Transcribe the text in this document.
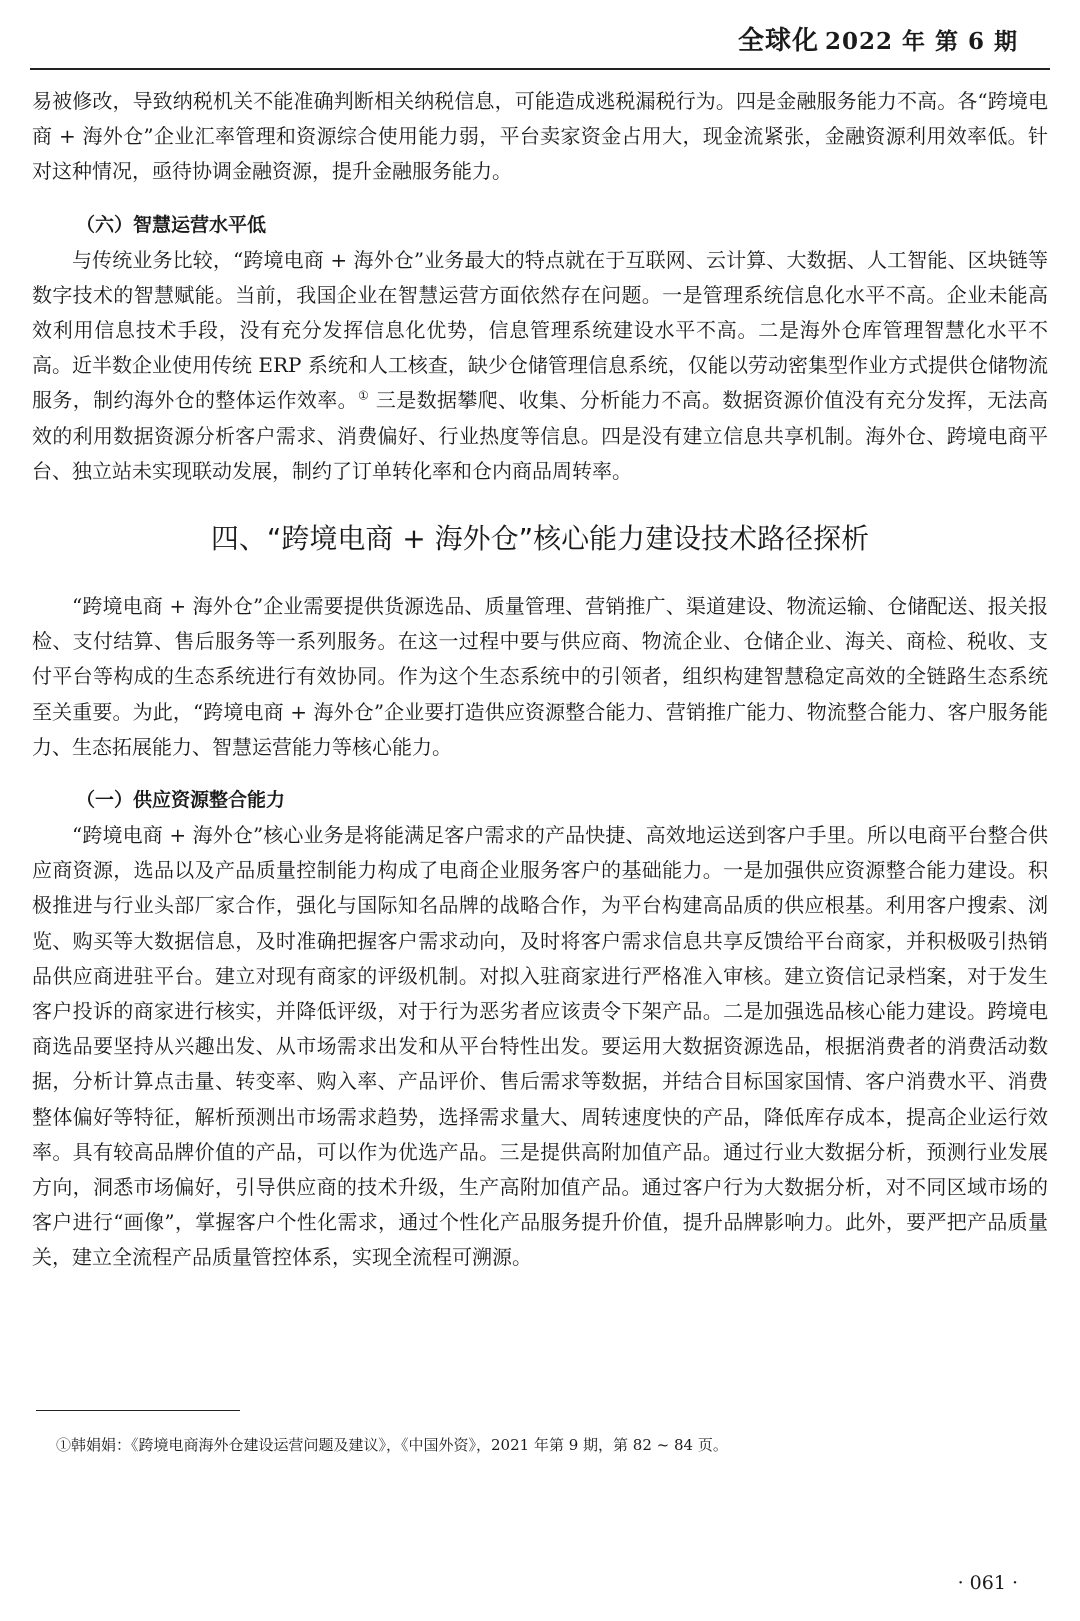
全球化 2022 年 第 6 期

易被修改，导致纳税机关不能准确判断相关纳税信息，可能造成逃税漏税行为。四是金融服务能力不高。各“跨境电商 + 海外仓”企业汇率管理和资源综合使用能力弱，平台卖家资金占用大，现金流紧张，金融资源利用效率低。针对这种情况，亟待协调金融资源，提升金融服务能力。

（六）智慧运营水平低

与传统业务比较，“跨境电商 + 海外仓”业务最大的特点就在于互联网、云计算、大数据、人工智能、区块链等数字技术的智慧赋能。当前，我国企业在智慧运营方面依然存在问题。一是管理系统信息化水平不高。企业未能高效利用信息技术手段，没有充分发挥信息化优势，信息管理系统建设水平不高。二是海外仓库管理智慧化水平不高。近半数企业使用传统 ERP 系统和人工核查，缺少仓储管理信息系统，仅能以劳动密集型作业方式提供仓储物流服务，制约海外仓的整体运作效率。① 三是数据攀爬、收集、分析能力不高。数据资源价值没有充分发挥，无法高效的利用数据资源分析客户需求、消费偏好、行业热度等信息。四是没有建立信息共享机制。海外仓、跨境电商平台、独立站未实现联动发展，制约了订单转化率和仓内商品周转率。

四、“跨境电商 + 海外仓”核心能力建设技术路径探析

“跨境电商 + 海外仓”企业需要提供货源选品、质量管理、营销推广、渠道建设、物流运输、仓储配送、报关报检、支付结算、售后服务等一系列服务。在这一过程中要与供应商、物流企业、仓储企业、海关、商检、税收、支付平台等构成的生态系统进行有效协同。作为这个生态系统中的引领者，组织构建智慧稳定高效的全链路生态系统至关重要。为此，“跨境电商 + 海外仓”企业要打造供应资源整合能力、营销推广能力、物流整合能力、客户服务能力、生态拓展能力、智慧运营能力等核心能力。

（一）供应资源整合能力

“跨境电商 + 海外仓”核心业务是将能满足客户需求的产品快捷、高效地运送到客户手里。所以电商平台整合供应商资源，选品以及产品质量控制能力构成了电商企业服务客户的基础能力。一是加强供应资源整合能力建设。积极推进与行业头部厂家合作，强化与国际知名品牌的战略合作，为平台构建高品质的供应根基。利用客户搜索、浏览、购买等大数据信息，及时准确把握客户需求动向，及时将客户需求信息共享反馈给平台商家，并积极吸引热销品供应商进驻平台。建立对现有商家的评级机制。对拟入驻商家进行严格准入审核。建立资信记录档案，对于发生客户投诉的商家进行核实，并降低评级，对于行为恶劣者应该责令下架产品。二是加强选品核心能力建设。跨境电商选品要坚持从兴趣出发、从市场需求出发和从平台特性出发。要运用大数据资源选品，根据消费者的消费活动数据，分析计算点击量、转变率、购入率、产品评价、售后需求等数据，并结合目标国家国情、客户消费水平、消费整体偏好等特征，解析预测出市场需求趋势，选择需求量大、周转速度快的产品，降低库存成本，提高企业运行效率。具有较高品牌价值的产品，可以作为优选产品。三是提供高附加值产品。通过行业大数据分析，预测行业发展方向，洞悉市场偏好，引导供应商的技术升级，生产高附加值产品。通过客户行为大数据分析，对不同区域市场的客户进行“画像”，掌握客户个性化需求，通过个性化产品服务提升价值，提升品牌影响力。此外，要严把产品质量关，建立全流程产品质量管控体系，实现全流程可溯源。

①韩娟娟：《跨境电商海外仓建设运营问题及建议》，《中国外资》，2021 年第 9 期，第 82 ~ 84 页。
· 061 ·
